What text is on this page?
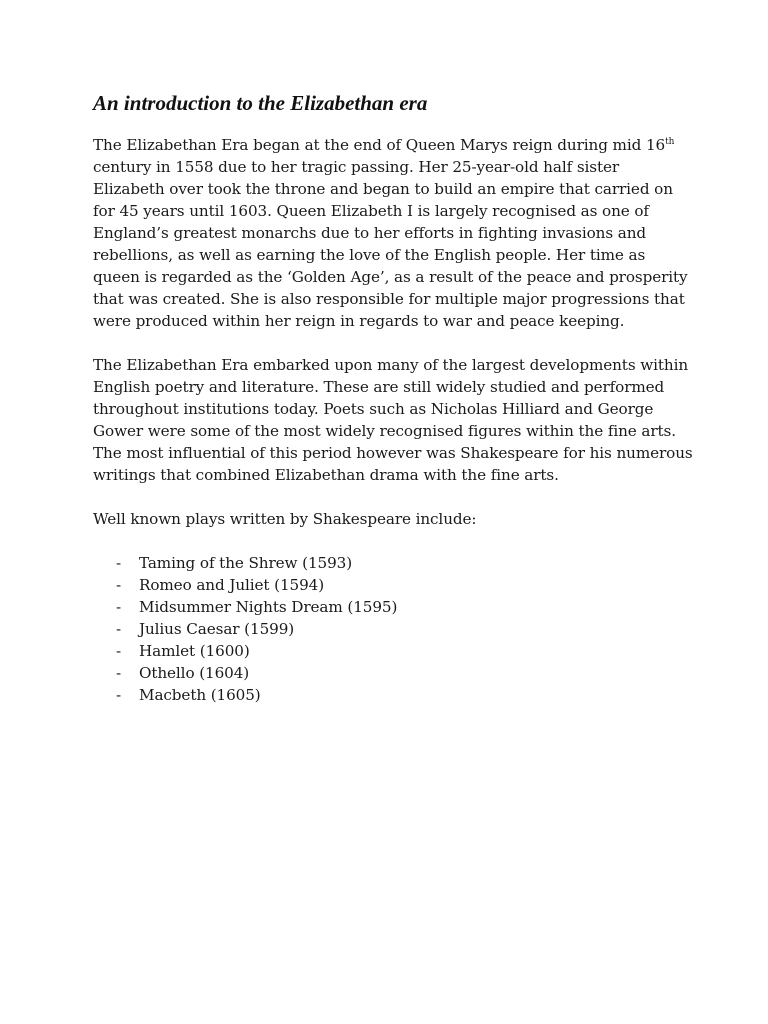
An introduction to the Elizabethan era

The Elizabethan Era began at the end of Queen Marys reign during mid 16th century in 1558 due to her tragic passing. Her 25-year-old half sister Elizabeth over took the throne and began to build an empire that carried on for 45 years until 1603. Queen Elizabeth I is largely recognised as one of England’s greatest monarchs due to her efforts in fighting invasions and rebellions, as well as earning the love of the English people. Her time as queen is regarded as the ‘Golden Age’, as a result of the peace and prosperity that was created. She is also responsible for multiple major progressions that were produced within her reign in regards to war and peace keeping.

The Elizabethan Era embarked upon many of the largest developments within English poetry and literature. These are still widely studied and performed throughout institutions today. Poets such as Nicholas Hilliard and George Gower were some of the most widely recognised figures within the fine arts. The most influential of this period however was Shakespeare for his numerous writings that combined Elizabethan drama with the fine arts.

Well known plays written by Shakespeare include:

- Taming of the Shrew (1593)
- Romeo and Juliet (1594)
- Midsummer Nights Dream (1595)
- Julius Caesar (1599)
- Hamlet (1600)
- Othello (1604)
- Macbeth (1605)
